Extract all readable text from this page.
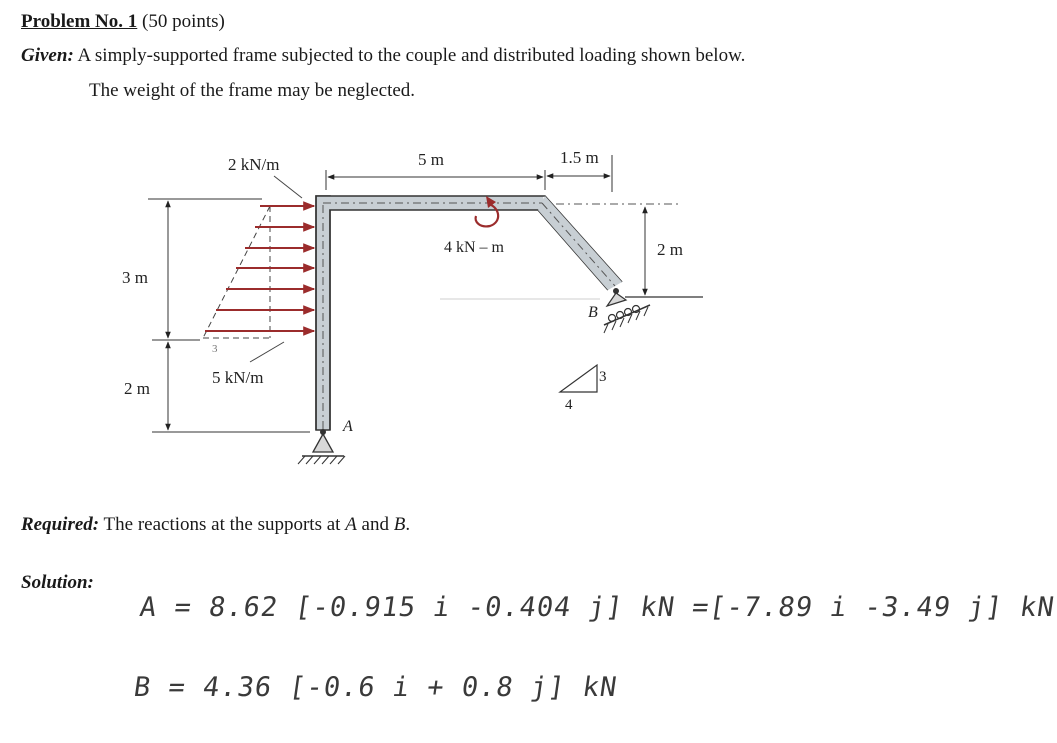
Problem No. 1 (50 points)
Given: A simply-supported frame subjected to the couple and distributed loading shown below.
The weight of the frame may be neglected.
A
B
2 kN/m
5 kN/m
4 kN – m
5 m	1.5 m
2 m
3 m
2 m
3
3
4
Required: The reactions at the supports at A and B.
Solution:
A = 8.62 [-0.915 i -0.404 j] kN =[-7.89 i -3.49 j] kN
B = 4.36 [-0.6 i + 0.8 j] kN
